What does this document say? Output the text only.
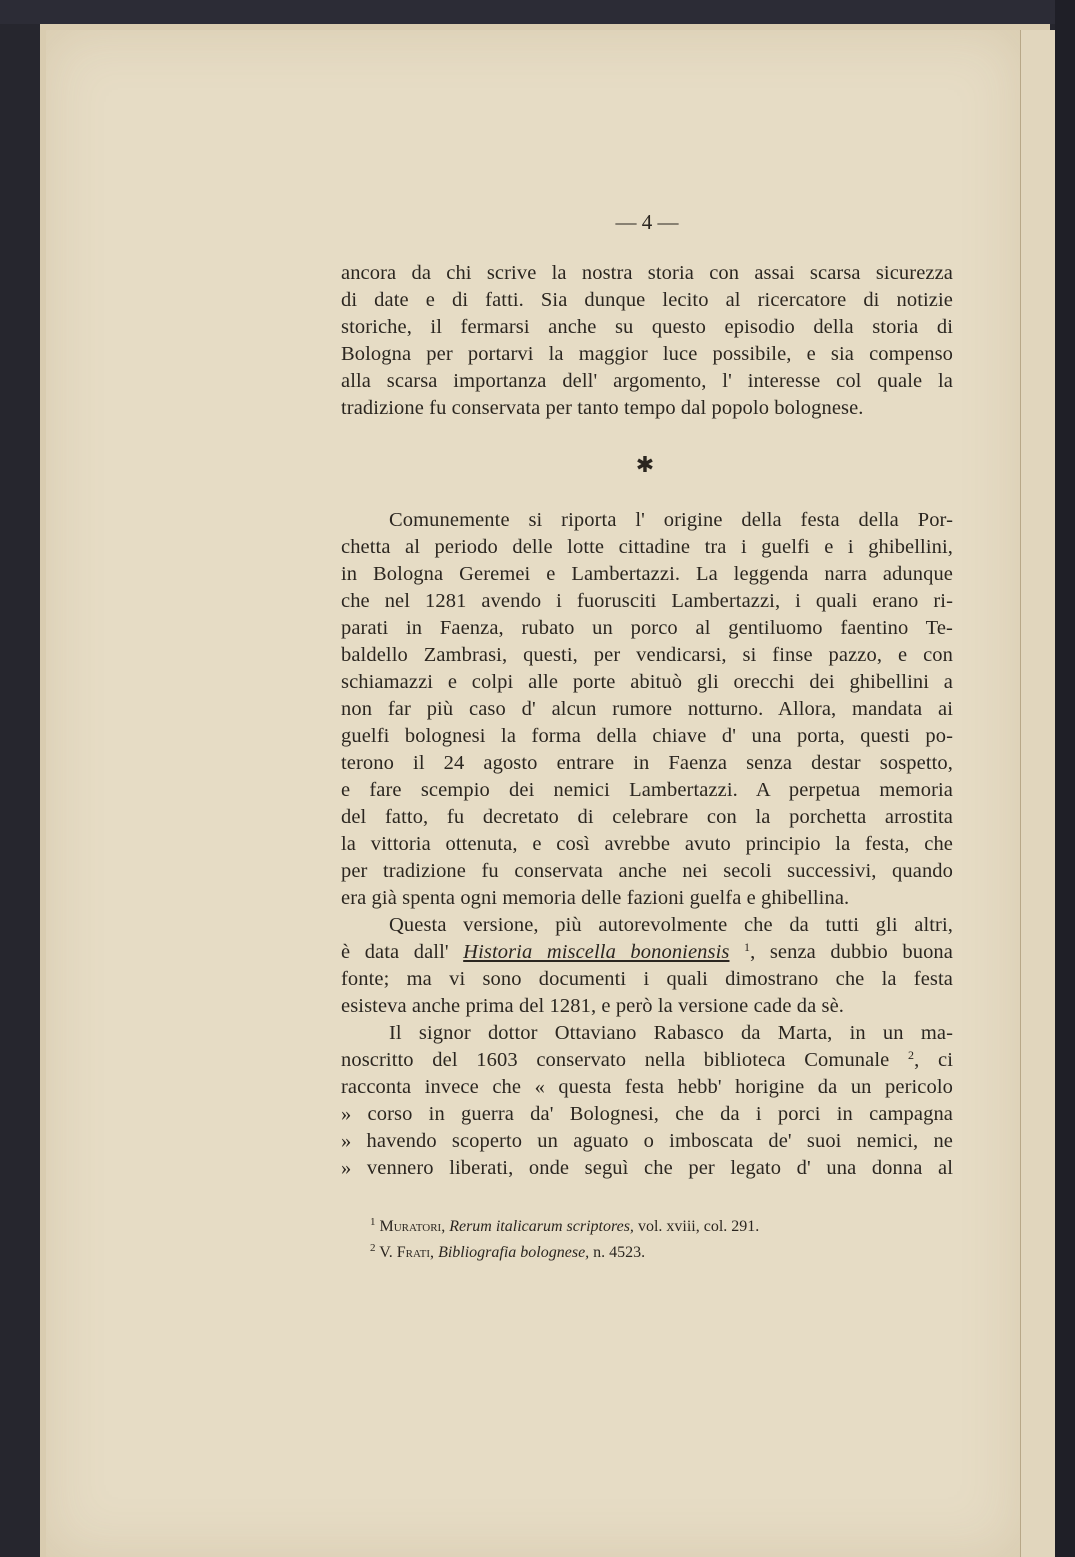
— 4 —
ancora da chi scrive la nostra storia con assai scarsa sicurezza
di date e di fatti. Sia dunque lecito al ricercatore di notizie
storiche, il fermarsi anche su questo episodio della storia di
Bologna per portarvi la maggior luce possibile, e sia compenso
alla scarsa importanza dell' argomento, l' interesse col quale la
tradizione fu conservata per tanto tempo dal popolo bolognese.
✱
Comunemente si riporta l' origine della festa della Por-
chetta al periodo delle lotte cittadine tra i guelfi e i ghibellini,
in Bologna Geremei e Lambertazzi. La leggenda narra adunque
che nel 1281 avendo i fuorusciti Lambertazzi, i quali erano ri-
parati in Faenza, rubato un porco al gentiluomo faentino Te-
baldello Zambrasi, questi, per vendicarsi, si finse pazzo, e con
schiamazzi e colpi alle porte abituò gli orecchi dei ghibellini a
non far più caso d' alcun rumore notturno. Allora, mandata ai
guelfi bolognesi la forma della chiave d' una porta, questi po-
terono il 24 agosto entrare in Faenza senza destar sospetto,
e fare scempio dei nemici Lambertazzi. A perpetua memoria
del fatto, fu decretato di celebrare con la porchetta arrostita
la vittoria ottenuta, e così avrebbe avuto principio la festa, che
per tradizione fu conservata anche nei secoli successivi, quando
era già spenta ogni memoria delle fazioni guelfa e ghibellina.
Questa versione, più autorevolmente che da tutti gli altri,
è data dall' Historia miscella bononiensis $^1$, senza dubbio buona
fonte; ma vi sono documenti i quali dimostrano che la festa
esisteva anche prima del 1281, e però la versione cade da sè.
Il signor dottor Ottaviano Rabasco da Marta, in un ma-
noscritto del 1603 conservato nella biblioteca Comunale $^2$, ci
racconta invece che « questa festa hebb' horigine da un pericolo
» corso in guerra da' Bolognesi, che da i porci in campagna
» havendo scoperto un aguato o imboscata de' suoi nemici, ne
» vennero liberati, onde seguì che per legato d' una donna al
$^1$ Muratori, Rerum italicarum scriptores, vol. xviii, col. 291.
$^2$ V. Frati, Bibliografia bolognese, n. 4523.
